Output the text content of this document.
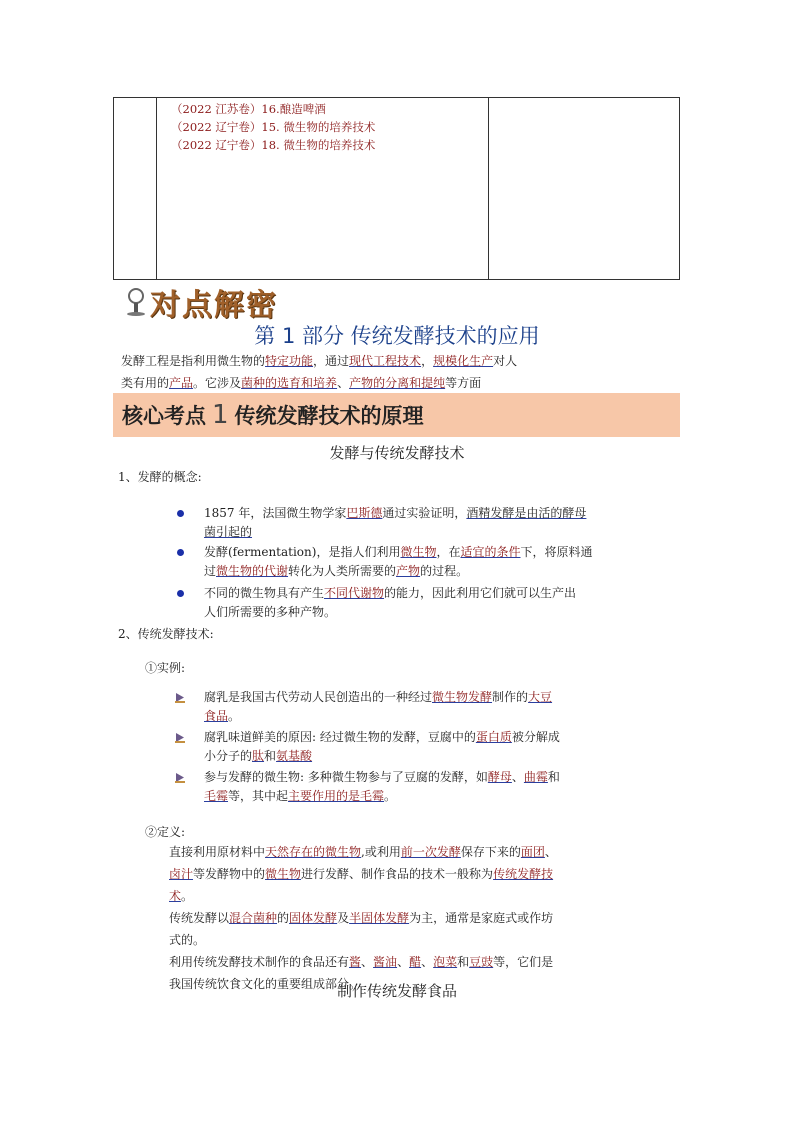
（2022 江苏卷）16.酿造啤酒
（2022 辽宁卷）15. 微生物的培养技术
（2022 辽宁卷）18. 微生物的培养技术

对点解密
第 1 部分 传统发酵技术的应用
发酵工程是指利用微生物的特定功能，通过现代工程技术，规模化生产对人
类有用的产品。它涉及菌种的选育和培养、产物的分离和提纯等方面
核心考点 1 传统发酵技术的原理
发酵与传统发酵技术
1、发酵的概念:
1857 年，法国微生物学家巴斯德通过实验证明，酒精发酵是由活的酵母
菌引起的
发酵(fermentation)，是指人们利用微生物，在适宜的条件下，将原料通
过微生物的代谢转化为人类所需要的产物的过程。
不同的微生物具有产生不同代谢物的能力，因此利用它们就可以生产出
人们所需要的多种产物。
2、传统发酵技术:
①实例:
腐乳是我国古代劳动人民创造出的一种经过微生物发酵制作的大豆
食品。
腐乳味道鲜美的原因: 经过微生物的发酵，豆腐中的蛋白质被分解成
小分子的肽和氨基酸
参与发酵的微生物: 多种微生物参与了豆腐的发酵，如酵母、曲霉和
毛霉等，其中起主要作用的是毛霉。
②定义:
直接利用原材料中天然存在的微生物,或利用前一次发酵保存下来的面团、
卤汁等发酵物中的微生物进行发酵、制作食品的技术一般称为传统发酵技
术。
传统发酵以混合菌种的固体发酵及半固体发酵为主，通常是家庭式或作坊
式的。
利用传统发酵技术制作的食品还有酱、酱油、醋、泡菜和豆豉等，它们是
我国传统饮食文化的重要组成部分。
制作传统发酵食品
